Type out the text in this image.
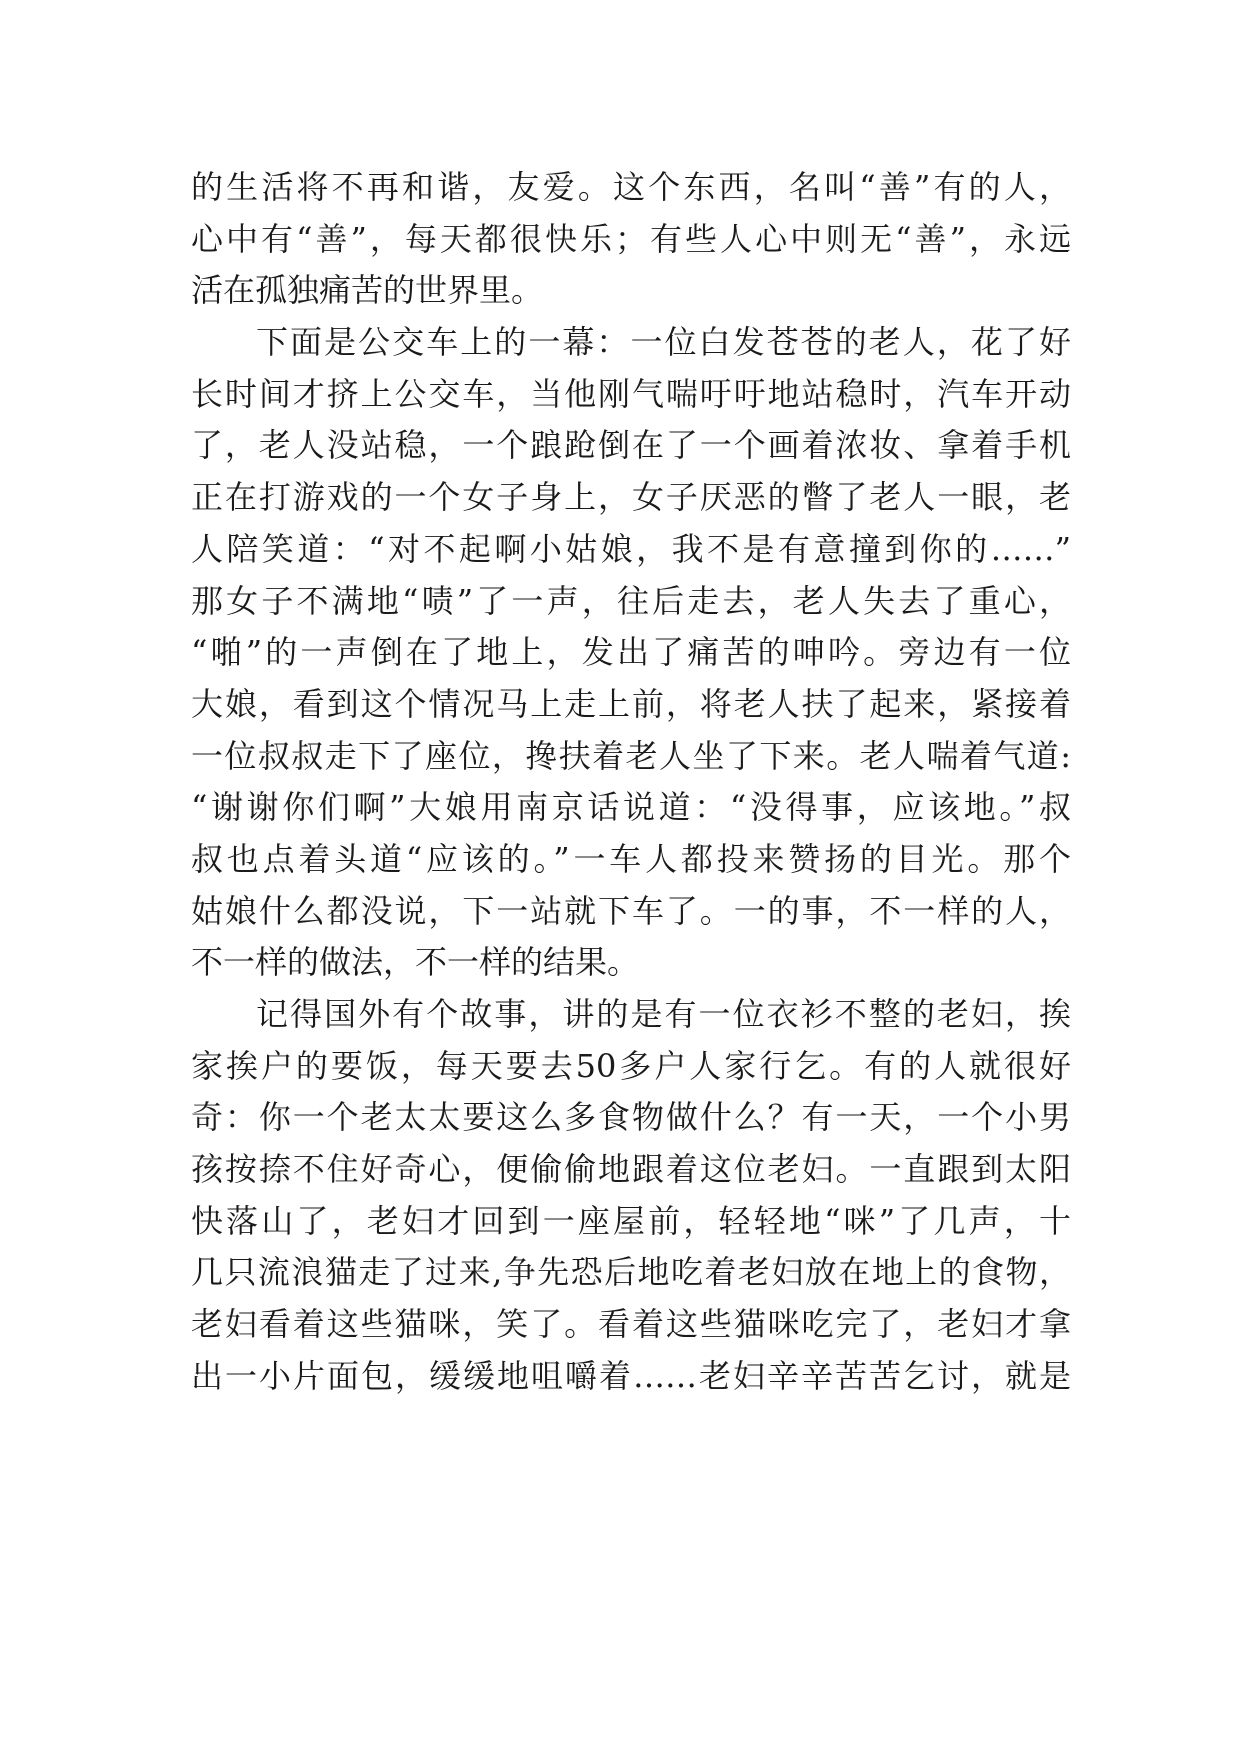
的生活将不再和谐，友爱。这个东西，名叫“善”有的人，
心中有“善”，每天都很快乐；有些人心中则无“善”，永远
活在孤独痛苦的世界里。
下面是公交车上的一幕：一位白发苍苍的老人，花了好
长时间才挤上公交车，当他刚气喘吁吁地站稳时，汽车开动
了，老人没站稳，一个踉跄倒在了一个画着浓妆、拿着手机
正在打游戏的一个女子身上，女子厌恶的瞥了老人一眼，老
人陪笑道：“对不起啊小姑娘，我不是有意撞到你的……”
那女子不满地“啧”了一声，往后走去，老人失去了重心，
“啪”的一声倒在了地上，发出了痛苦的呻吟。旁边有一位
大娘，看到这个情况马上走上前，将老人扶了起来，紧接着
一位叔叔走下了座位，搀扶着老人坐了下来。老人喘着气道:
“谢谢你们啊”大娘用南京话说道：“没得事，应该地。”叔
叔也点着头道“应该的。”一车人都投来赞扬的目光。那个
姑娘什么都没说，下一站就下车了。一的事，不一样的人，
不一样的做法，不一样的结果。
记得国外有个故事，讲的是有一位衣衫不整的老妇，挨
家挨户的要饭，每天要去50多户人家行乞。有的人就很好
奇：你一个老太太要这么多食物做什么？有一天，一个小男
孩按捺不住好奇心，便偷偷地跟着这位老妇。一直跟到太阳
快落山了，老妇才回到一座屋前，轻轻地“咪”了几声，十
几只流浪猫走了过来,争先恐后地吃着老妇放在地上的食物，
老妇看着这些猫咪，笑了。看着这些猫咪吃完了，老妇才拿
出一小片面包，缓缓地咀嚼着……老妇辛辛苦苦乞讨，就是
